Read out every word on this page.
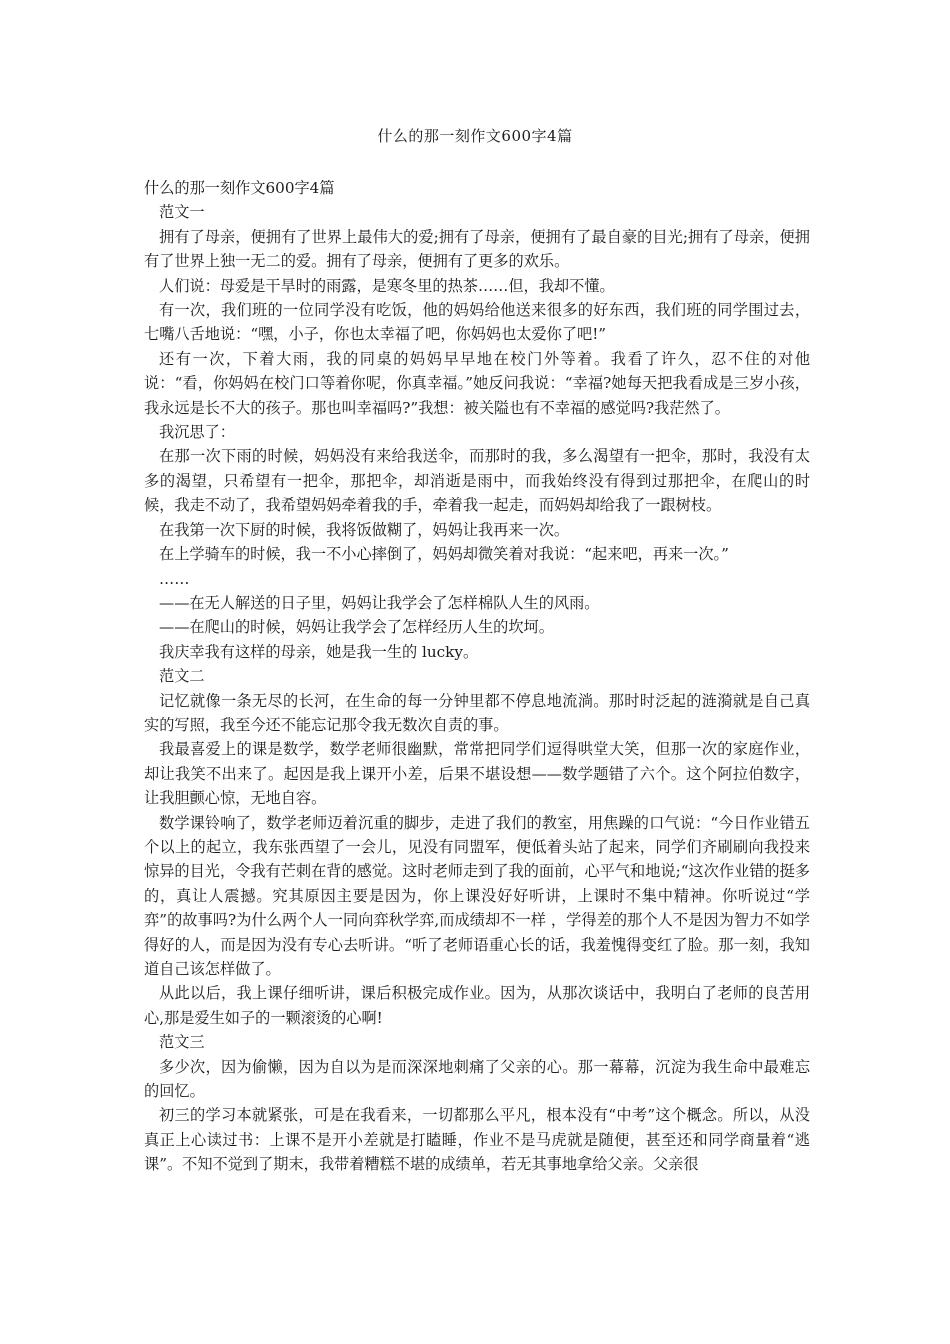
什么的那一刻作文600字4篇

什么的那一刻作文600字4篇

范文一

拥有了母亲，便拥有了世界上最伟大的爱;拥有了母亲，便拥有了最自豪的目光;拥有了母亲，便拥有了世界上独一无二的爱。拥有了母亲，便拥有了更多的欢乐。

人们说：母爱是干旱时的雨露，是寒冬里的热茶……但，我却不懂。

有一次，我们班的一位同学没有吃饭，他的妈妈给他送来很多的好东西，我们班的同学围过去，七嘴八舌地说：“嘿，小子，你也太幸福了吧，你妈妈也太爱你了吧!”

还有一次，下着大雨，我的同桌的妈妈早早地在校门外等着。我看了许久，忍不住的对他说：“看，你妈妈在校门口等着你呢，你真幸福。”她反问我说：“幸福?她每天把我看成是三岁小孩，我永远是长不大的孩子。那也叫幸福吗?”我想：被关隘也有不幸福的感觉吗?我茫然了。

我沉思了：

在那一次下雨的时候，妈妈没有来给我送伞，而那时的我，多么渴望有一把伞，那时，我没有太多的渴望，只希望有一把伞，那把伞，却消逝是雨中，而我始终没有得到过那把伞，在爬山的时候，我走不动了，我希望妈妈牵着我的手，牵着我一起走，而妈妈却给我了一跟树枝。

在我第一次下厨的时候，我将饭做糊了，妈妈让我再来一次。

在上学骑车的时候，我一不小心摔倒了，妈妈却微笑着对我说：“起来吧，再来一次。”

……

——在无人解送的日子里，妈妈让我学会了怎样棉队人生的风雨。

——在爬山的时候，妈妈让我学会了怎样经历人生的坎坷。

我庆幸我有这样的母亲，她是我一生的 lucky。

范文二

记忆就像一条无尽的长河，在生命的每一分钟里都不停息地流淌。那时时泛起的涟漪就是自己真实的写照，我至今还不能忘记那令我无数次自责的事。

我最喜爱上的课是数学，数学老师很幽默，常常把同学们逗得哄堂大笑，但那一次的家庭作业，却让我笑不出来了。起因是我上课开小差，后果不堪设想——数学题错了六个。这个阿拉伯数字，让我胆颤心惊，无地自容。

数学课铃响了，数学老师迈着沉重的脚步，走进了我们的教室，用焦躁的口气说：“今日作业错五个以上的起立，我东张西望了一会儿，见没有同盟军，便低着头站了起来，同学们齐刷刷向我投来惊异的目光，令我有芒刺在背的感觉。这时老师走到了我的面前，心平气和地说;“这次作业错的挺多的，真让人震撼。究其原因主要是因为，你上课没好好听讲，上课时不集中精神。你听说过“学弈”的故事吗?为什么两个人一同向弈秋学弈,而成绩却不一样 ，学得差的那个人不是因为智力不如学得好的人，而是因为没有专心去听讲。“听了老师语重心长的话，我羞愧得变红了脸。那一刻，我知道自己该怎样做了。

从此以后，我上课仔细听讲，课后积极完成作业。因为，从那次谈话中，我明白了老师的良苦用心,那是爱生如子的一颗滚烫的心啊!

范文三

多少次，因为偷懒，因为自以为是而深深地刺痛了父亲的心。那一幕幕，沉淀为我生命中最难忘的回忆。

初三的学习本就紧张，可是在我看来，一切都那么平凡，根本没有“中考”这个概念。所以，从没真正上心读过书：上课不是开小差就是打瞌睡，作业不是马虎就是随便，甚至还和同学商量着“逃课”。不知不觉到了期末，我带着糟糕不堪的成绩单，若无其事地拿给父亲。父亲很
